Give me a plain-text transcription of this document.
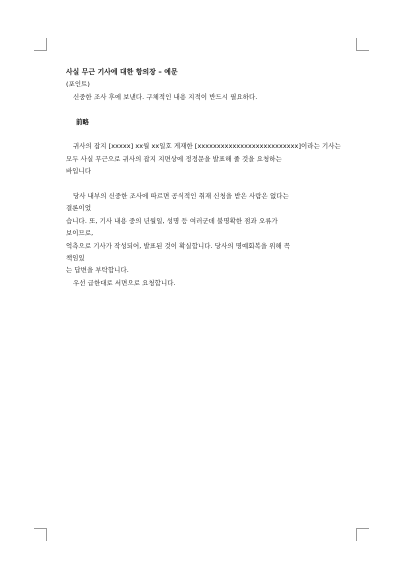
사실 무근 기사에 대한 항의장 – 예문

(포인트)

신중한 조사 후에 보낸다. 구체적인 내용 지적이 반드시 필요하다.

前略

귀사의 잡지 [xxxxx] xx월 xx일호 게재한 [xxxxxxxxxxxxxxxxxxxxxxxxxx]이라는 기사는

모두 사실 무근으로 귀사의 잡지 지면상에 정정문을 발표해 줄 것을 요청하는

바입니다

당사 내부의 신중한 조사에 따르면 공식적인 취재 신청을 받은 사람은 없다는

결론이었

습니다. 또, 기사 내용 중의 년월일, 성명 등 여러군데 불명확한 점과 오류가

보이므로,

억측으로 기사가 작성되어, 발표된 것이 확실합니다. 당사의 명예회복을 위해 꼭

책임있

는 답변을 부탁합니다.

우선 급한대로 서면으로 요청합니다.
